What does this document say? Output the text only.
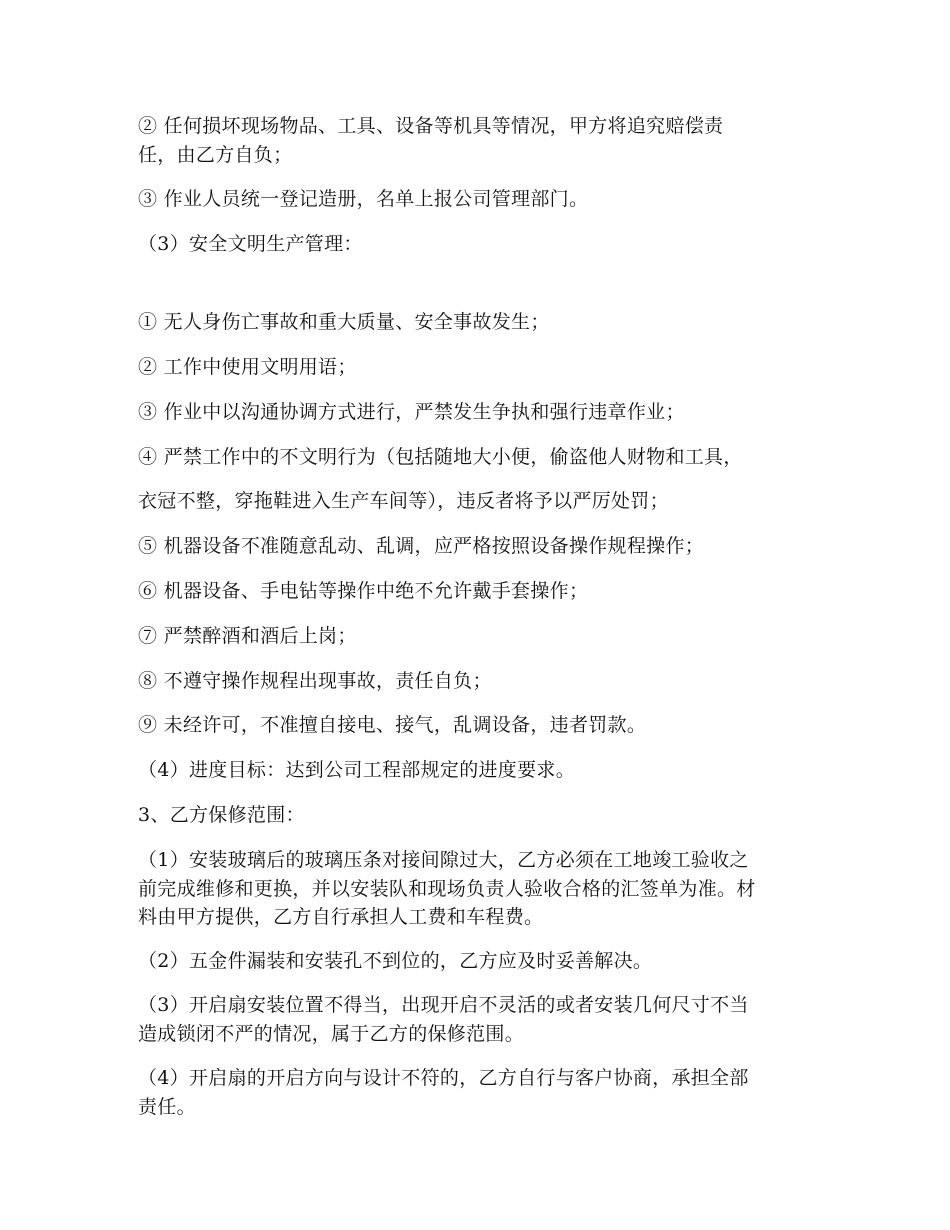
② 任何损坏现场物品、工具、设备等机具等情况，甲方将追究赔偿责
任，由乙方自负；
③ 作业人员统一登记造册，名单上报公司管理部门。
（3）安全文明生产管理：
① 无人身伤亡事故和重大质量、安全事故发生；
② 工作中使用文明用语；
③ 作业中以沟通协调方式进行，严禁发生争执和强行违章作业；
④ 严禁工作中的不文明行为（包括随地大小便，偷盗他人财物和工具，
衣冠不整，穿拖鞋进入生产车间等），违反者将予以严厉处罚；
⑤ 机器设备不准随意乱动、乱调，应严格按照设备操作规程操作；
⑥ 机器设备、手电钻等操作中绝不允许戴手套操作；
⑦ 严禁醉酒和酒后上岗；
⑧ 不遵守操作规程出现事故，责任自负；
⑨ 未经许可，不准擅自接电、接气，乱调设备，违者罚款。
（4）进度目标：达到公司工程部规定的进度要求。
3、乙方保修范围：
（1）安装玻璃后的玻璃压条对接间隙过大，乙方必须在工地竣工验收之
前完成维修和更换，并以安装队和现场负责人验收合格的汇签单为准。材
料由甲方提供，乙方自行承担人工费和车程费。
（2）五金件漏装和安装孔不到位的，乙方应及时妥善解决。
（3）开启扇安装位置不得当，出现开启不灵活的或者安装几何尺寸不当
造成锁闭不严的情况，属于乙方的保修范围。
（4）开启扇的开启方向与设计不符的，乙方自行与客户协商，承担全部
责任。
